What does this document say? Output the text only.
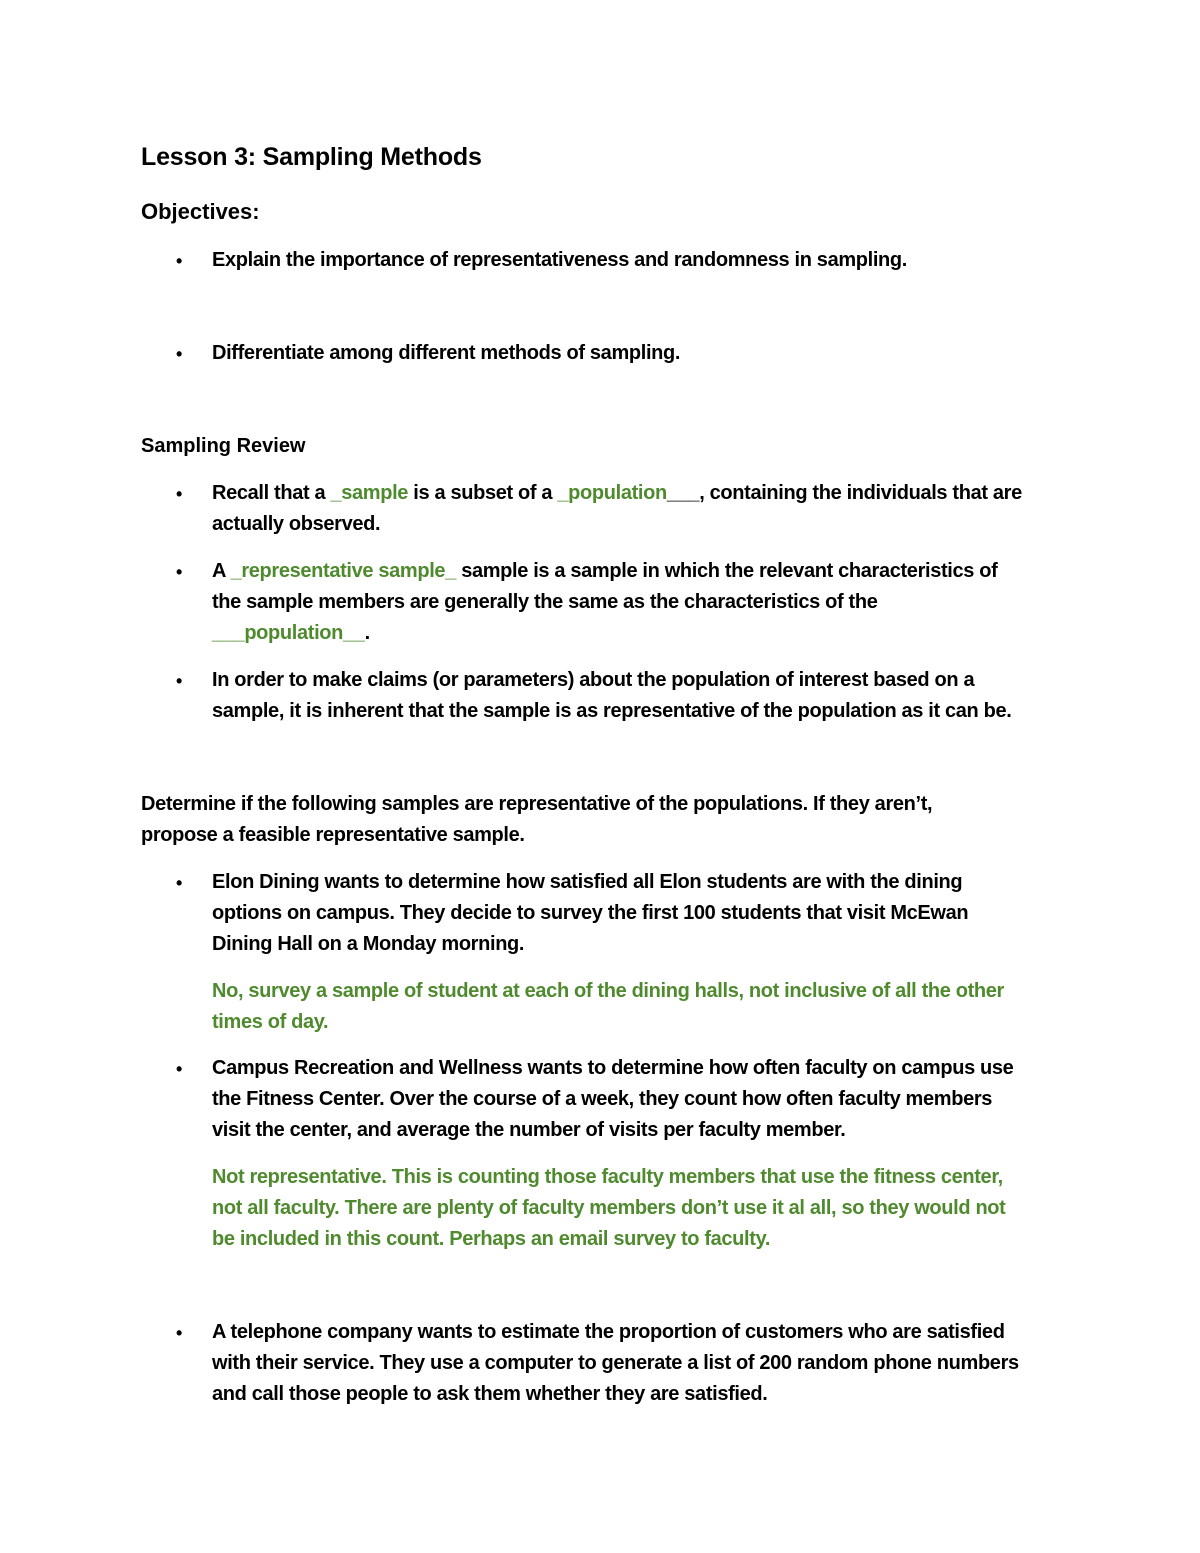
Lesson 3: Sampling Methods
Objectives:
• Explain the importance of representativeness and randomness in sampling.
• Differentiate among different methods of sampling.
Sampling Review
• Recall that a _sample is a subset of a _population___, containing the individuals that are
actually observed.
• A _representative sample_ sample is a sample in which the relevant characteristics of
the sample members are generally the same as the characteristics of the
___population__.
• In order to make claims (or parameters) about the population of interest based on a
sample, it is inherent that the sample is as representative of the population as it can be.
Determine if the following samples are representative of the populations. If they aren’t,
propose a feasible representative sample.
• Elon Dining wants to determine how satisfied all Elon students are with the dining
options on campus. They decide to survey the first 100 students that visit McEwan
Dining Hall on a Monday morning.
No, survey a sample of student at each of the dining halls, not inclusive of all the other
times of day.
• Campus Recreation and Wellness wants to determine how often faculty on campus use
the Fitness Center. Over the course of a week, they count how often faculty members
visit the center, and average the number of visits per faculty member.
Not representative. This is counting those faculty members that use the fitness center,
not all faculty. There are plenty of faculty members don’t use it al all, so they would not
be included in this count. Perhaps an email survey to faculty.
• A telephone company wants to estimate the proportion of customers who are satisfied
with their service. They use a computer to generate a list of 200 random phone numbers
and call those people to ask them whether they are satisfied.
